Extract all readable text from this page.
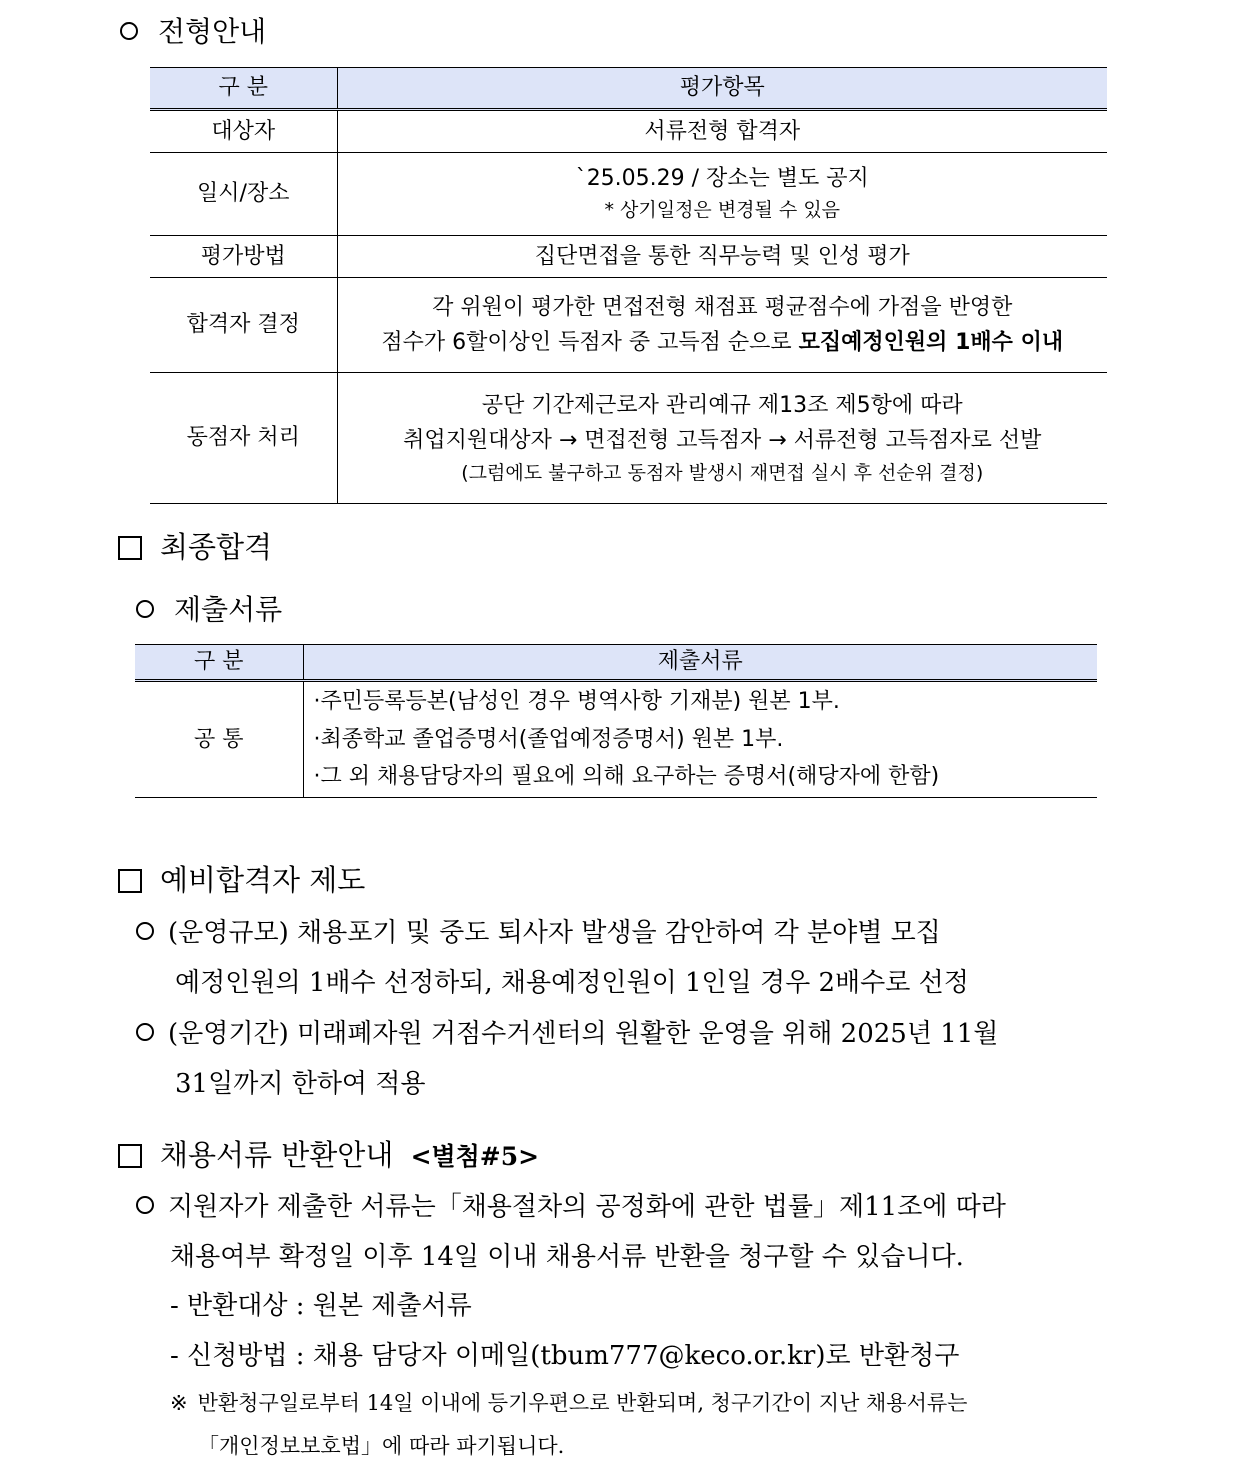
전형안내
구 분	평가항목
대상자	서류전형 합격자
일시/장소	`25.05.29 / 장소는 별도 공지
* 상기일정은 변경될 수 있음

평가방법	집단면접을 통한 직무능력 및 인성 평가
합격자 결정	각 위원이 평가한 면접전형 채점표 평균점수에 가점을 반영한
점수가 6할이상인 득점자 중 고득점 순으로 모집예정인원의 1배수 이내

동점자 처리	공단 기간제근로자 관리예규 제13조 제5항에 따라
취업지원대상자 → 면접전형 고득점자 → 서류전형 고득점자로 선발
(그럼에도 불구하고 동점자 발생시 재면접 실시 후 선순위 결정)
최종합격
제출서류
구 분	제출서류
공 통	·주민등록등본(남성인 경우 병역사항 기재분) 원본 1부.
·최종학교 졸업증명서(졸업예정증명서) 원본 1부.
·그 외 채용담당자의 필요에 의해 요구하는 증명서(해당자에 한함)
예비합격자 제도
(운영규모) 채용포기 및 중도 퇴사자 발생을 감안하여 각 분야별 모집
예정인원의 1배수 선정하되, 채용예정인원이 1인일 경우 2배수로 선정
(운영기간) 미래폐자원 거점수거센터의 원활한 운영을 위해 2025년 11월
31일까지 한하여 적용
채용서류 반환안내 <별첨#5>
지원자가 제출한 서류는「채용절차의 공정화에 관한 법률」제11조에 따라
채용여부 확정일 이후 14일 이내 채용서류 반환을 청구할 수 있습니다.
- 반환대상 : 원본 제출서류
- 신청방법 : 채용 담당자 이메일(tbum777@keco.or.kr)로 반환청구
※ 반환청구일로부터 14일 이내에 등기우편으로 반환되며, 청구기간이 지난 채용서류는
「개인정보보호법」에 따라 파기됩니다.
